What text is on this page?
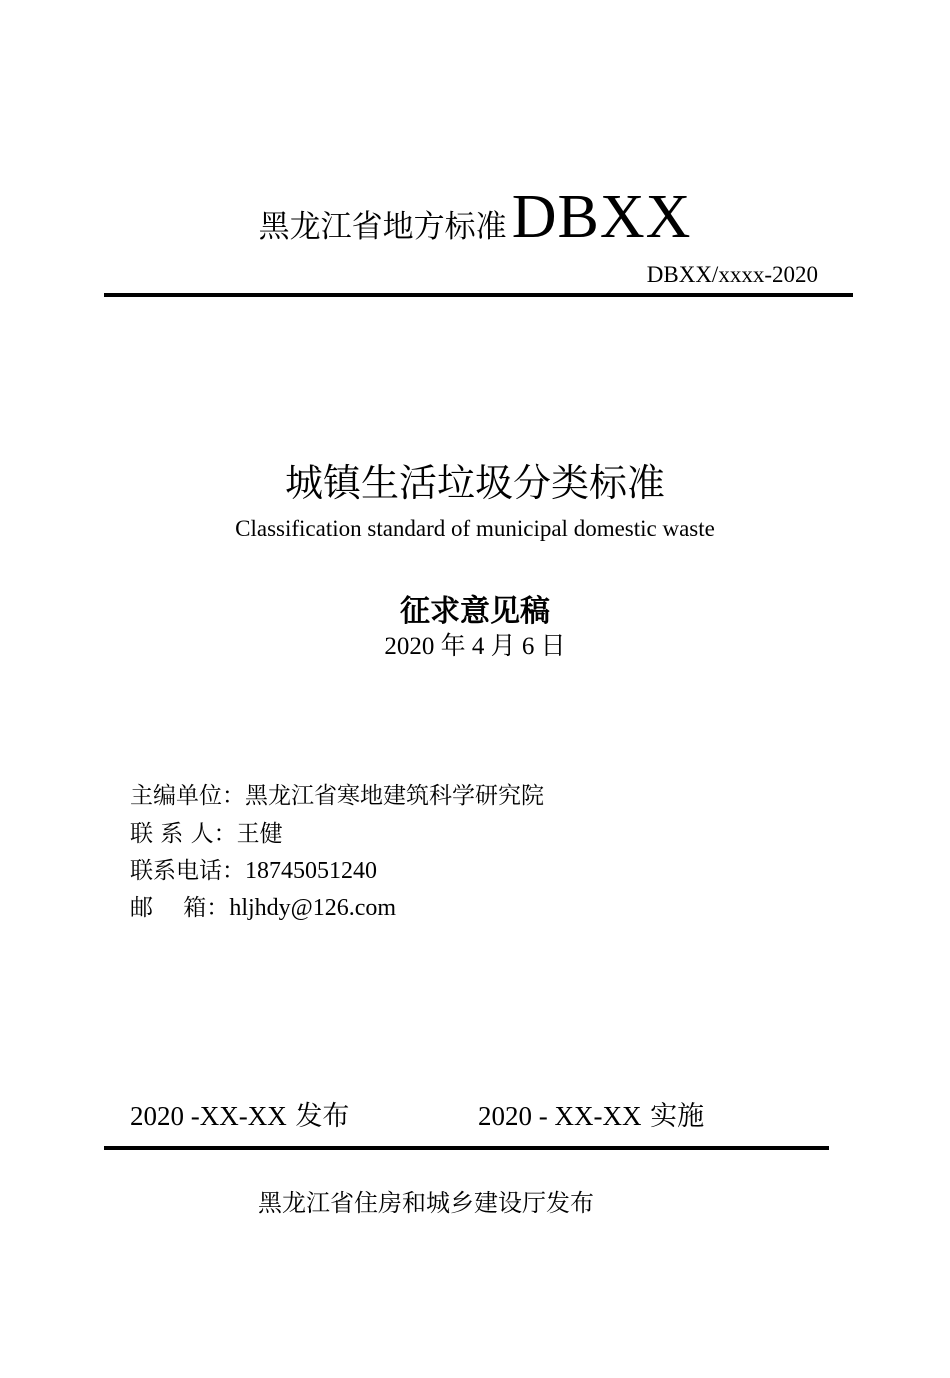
黑龙江省地方标准 DBXX
DBXX/xxxx-2020
城镇生活垃圾分类标准
Classification standard of municipal domestic waste
征求意见稿
2020 年 4 月 6 日
主编单位：黑龙江省寒地建筑科学研究院
联 系 人：王健
联系电话：18745051240
邮　 箱：hljhdy@126.com
2020 -XX-XX 发布	2020 - XX-XX 实施
黑龙江省住房和城乡建设厅发布
